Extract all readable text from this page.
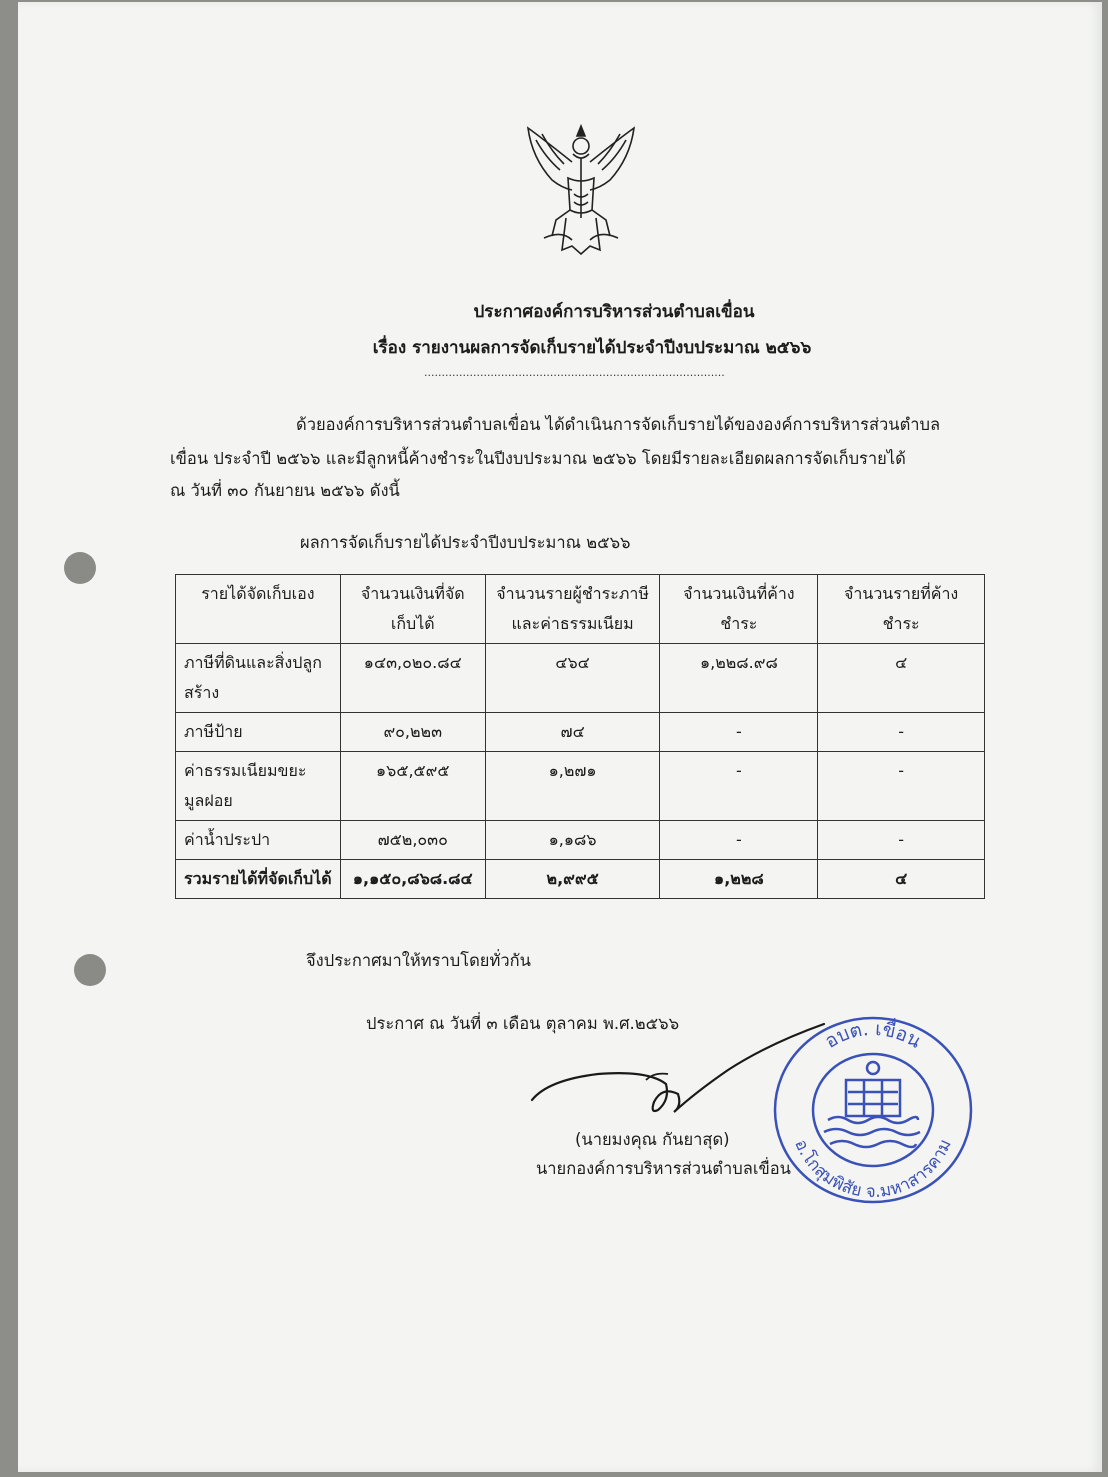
ประกาศองค์การบริหารส่วนตำบลเขื่อน
เรื่อง รายงานผลการจัดเก็บรายได้ประจำปีงบประมาณ ๒๕๖๖
......................................................................................
ด้วยองค์การบริหารส่วนตำบลเขื่อน ได้ดำเนินการจัดเก็บรายได้ขององค์การบริหารส่วนตำบล
เขื่อน ประจำปี ๒๕๖๖ และมีลูกหนี้ค้างชำระในปีงบประมาณ ๒๕๖๖ โดยมีรายละเอียดผลการจัดเก็บรายได้
ณ วันที่ ๓๐ กันยายน ๒๕๖๖ ดังนี้
ผลการจัดเก็บรายได้ประจำปีงบประมาณ ๒๕๖๖
รายได้จัดเก็บเอง	จำนวนเงินที่จัดเก็บได้	จำนวนรายผู้ชำระภาษีและค่าธรรมเนียม	จำนวนเงินที่ค้างชำระ	จำนวนรายที่ค้างชำระ
ภาษีที่ดินและสิ่งปลูกสร้าง	๑๔๓,๐๒๐.๘๔	๔๖๔	๑,๒๒๘.๙๘	๔
ภาษีป้าย	๙๐,๒๒๓	๗๔	-	-
ค่าธรรมเนียมขยะมูลฝอย	๑๖๕,๕๙๕	๑,๒๗๑	-	-
ค่าน้ำประปา	๗๕๒,๐๓๐	๑,๑๘๖	-	-
รวมรายได้ที่จัดเก็บได้	๑,๑๕๐,๘๖๘.๘๔	๒,๙๙๕	๑,๒๒๘	๔
จึงประกาศมาให้ทราบโดยทั่วกัน
ประกาศ ณ วันที่ ๓ เดือน ตุลาคม พ.ศ.๒๕๖๖
(นายมงคุณ กันยาสุด)
นายกองค์การบริหารส่วนตำบลเขื่อน
อบต. เขื่อน
อ.โกสุมพิสัย จ.มหาสารคาม
